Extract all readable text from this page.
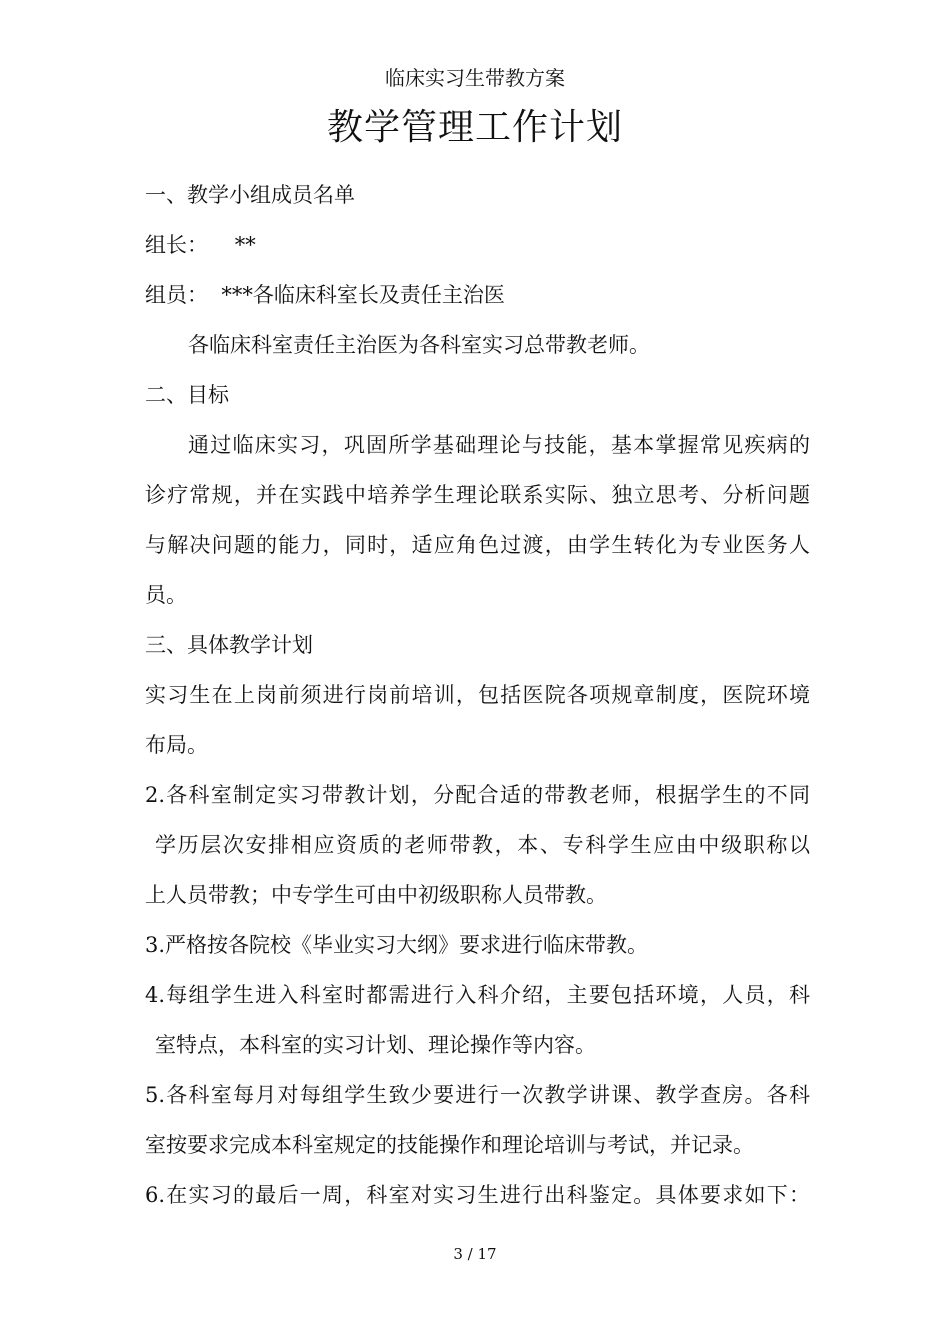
临床实习生带教方案
教学管理工作计划
一、教学小组成员名单
组长：    **
组员：  ***各临床科室长及责任主治医
各临床科室责任主治医为各科室实习总带教老师。
二、目标
通过临床实习，巩固所学基础理论与技能，基本掌握常见疾病的
诊疗常规，并在实践中培养学生理论联系实际、独立思考、分析问题
与解决问题的能力，同时，适应角色过渡，由学生转化为专业医务人
员。
三、具体教学计划
实习生在上岗前须进行岗前培训，包括医院各项规章制度，医院环境
布局。
2.各科室制定实习带教计划，分配合适的带教老师，根据学生的不同
学历层次安排相应资质的老师带教，本、专科学生应由中级职称以
上人员带教；中专学生可由中初级职称人员带教。
3.严格按各院校《毕业实习大纲》要求进行临床带教。
4.每组学生进入科室时都需进行入科介绍，主要包括环境，人员，科
室特点，本科室的实习计划、理论操作等内容。
5.各科室每月对每组学生致少要进行一次教学讲课、教学查房。各科
室按要求完成本科室规定的技能操作和理论培训与考试，并记录。
6.在实习的最后一周，科室对实习生进行出科鉴定。具体要求如下：
3 / 17
